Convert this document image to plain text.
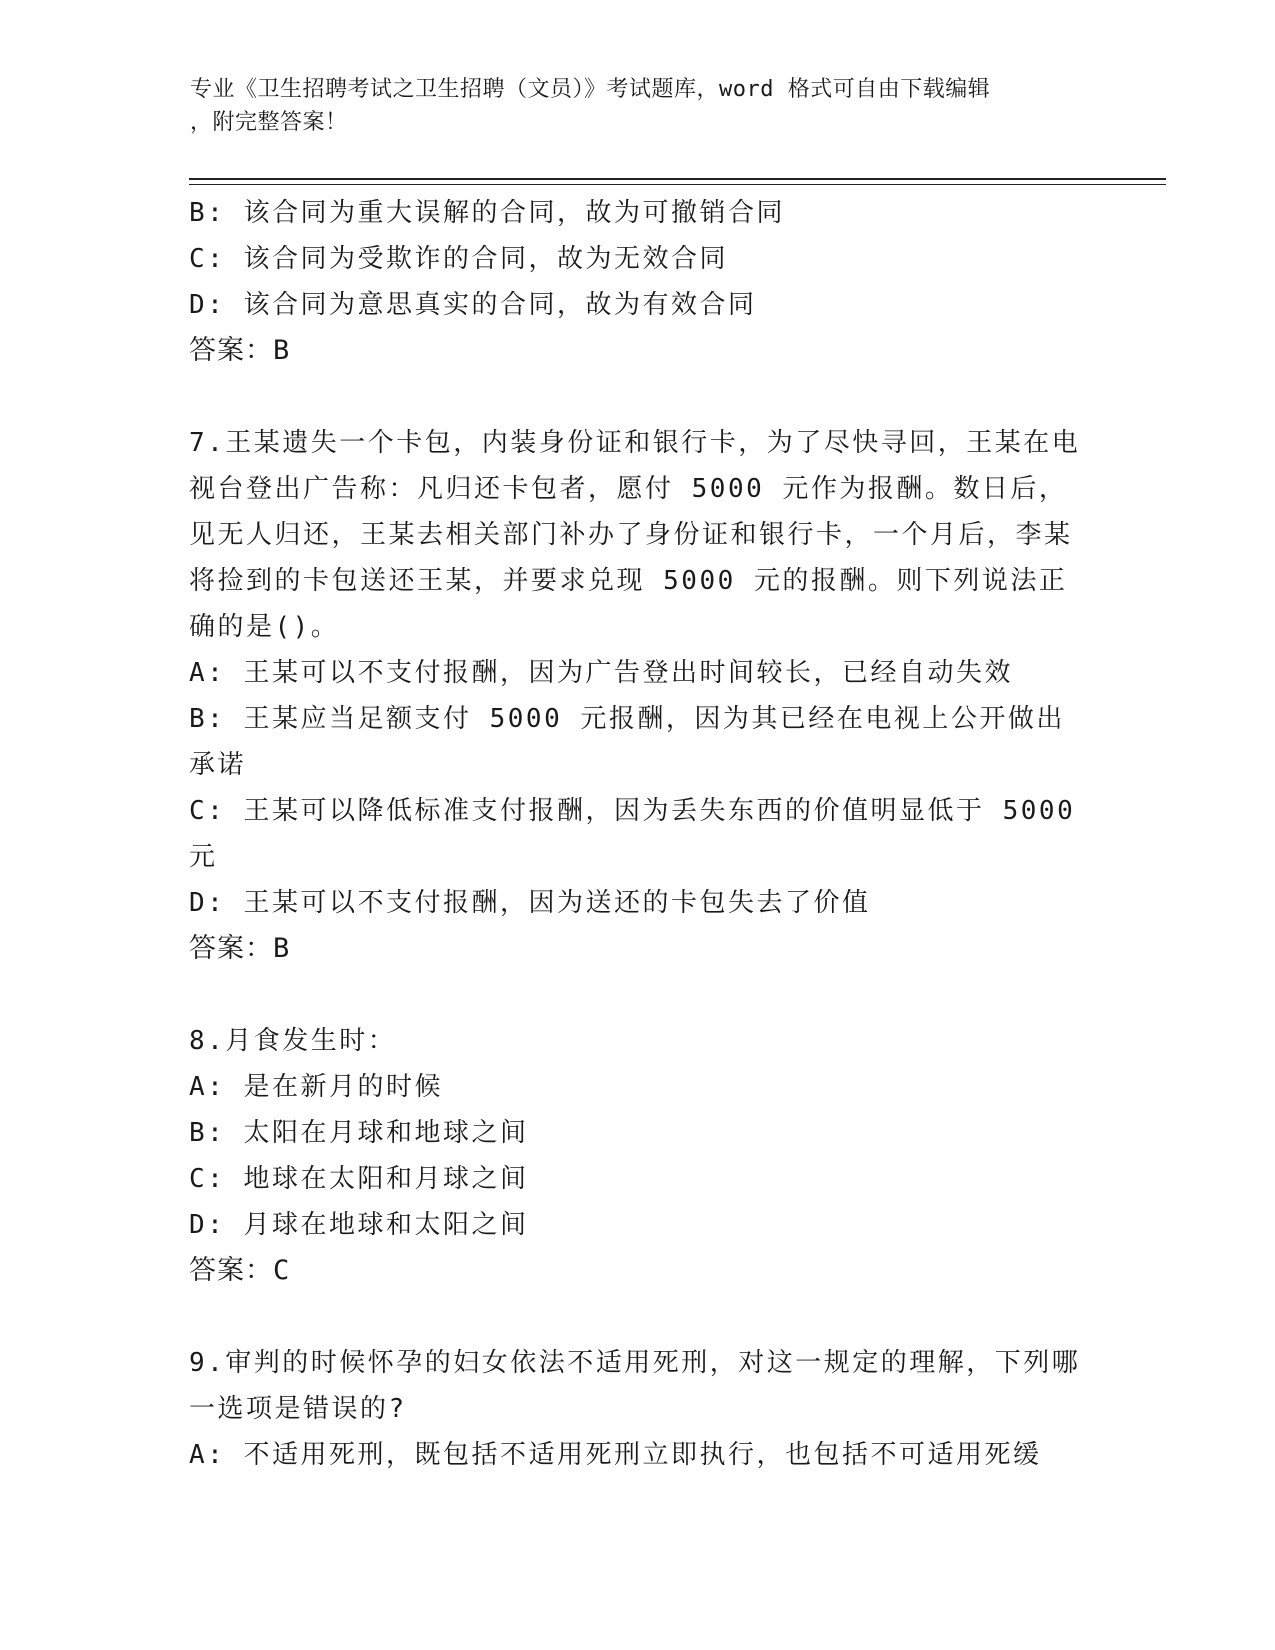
专业《卫生招聘考试之卫生招聘（文员）》考试题库，word 格式可自由下载编辑
，附完整答案！
B: 该合同为重大误解的合同，故为可撤销合同
C: 该合同为受欺诈的合同，故为无效合同
D: 该合同为意思真实的合同，故为有效合同
答案：B
7.王某遗失一个卡包，内装身份证和银行卡，为了尽快寻回，王某在电视台登出广告称：凡归还卡包者，愿付 5000 元作为报酬。数日后，见无人归还，王某去相关部门补办了身份证和银行卡，一个月后，李某将捡到的卡包送还王某，并要求兑现 5000 元的报酬。则下列说法正确的是()。
A: 王某可以不支付报酬，因为广告登出时间较长，已经自动失效
B: 王某应当足额支付 5000 元报酬，因为其已经在电视上公开做出承诺
C: 王某可以降低标准支付报酬，因为丢失东西的价值明显低于 5000 元
D: 王某可以不支付报酬，因为送还的卡包失去了价值
答案：B
8.月食发生时：
A: 是在新月的时候
B: 太阳在月球和地球之间
C: 地球在太阳和月球之间
D: 月球在地球和太阳之间
答案：C
9.审判的时候怀孕的妇女依法不适用死刑，对这一规定的理解，下列哪一选项是错误的?
A: 不适用死刑，既包括不适用死刑立即执行，也包括不可适用死缓
